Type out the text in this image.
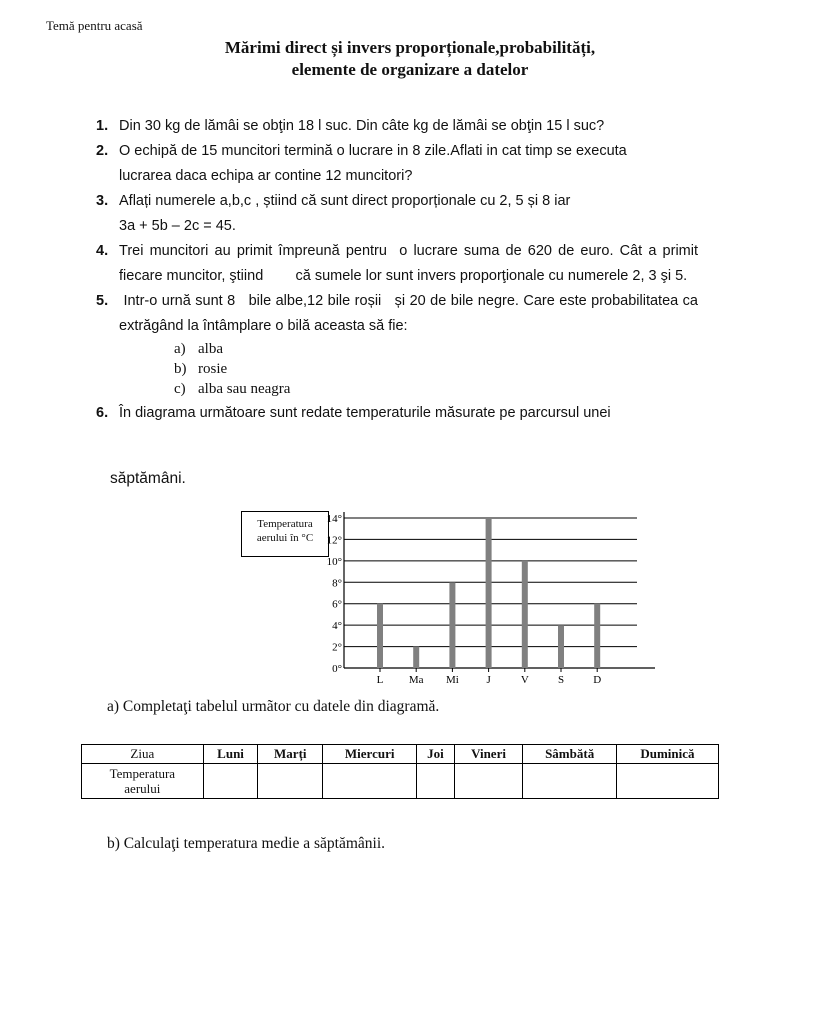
Temă pentru acasă
Mărimi direct și invers proporționale,probabilități,
elemente de organizare a datelor
1. Din 30 kg de lămâi se obţin 18 l suc. Din câte kg de lămâi se obţin 15 l suc?

2. O echipă de 15 muncitori termină o lucrare in 8 zile.Aflati in cat timp se executa

lucrarea daca echipa ar contine 12 muncitori?

3. Aflați numerele a,b,c , știind că sunt direct proporționale cu 2, 5 și 8 iar

3a + 5b – 2c = 45.

4. Trei muncitori au primit împreună pentru  o lucrare suma de 620 de euro. Cât a primit fiecare muncitor, ştiind        că sumele lor sunt invers proporţionale cu numerele 2, 3 şi 5.
5. Intr-o urnă sunt 8   bile albe,12 bile roșii   și 20 de bile negre. Care este probabilitatea ca extrăgând la întâmplare o bilă aceasta să fie:
a) alba
b) rosie
c) alba sau neagra
6. În diagrama următoare sunt redate temperaturile măsurate pe parcursul unei

săptămâni.
Temperatura
aerului în °C
0°
2°
4°
6°
8°
10°
12°
14°
L Ma Mi	J	V	S	D
a) Completaţi tabelul urmãtor cu datele din diagramă.
Ziua	Luni	Marți	Miercuri	Joi	Vineri	Sâmbătă	Duminică

Temperatura
aerului							

b) Calculaţi temperatura medie a săptămânii.
